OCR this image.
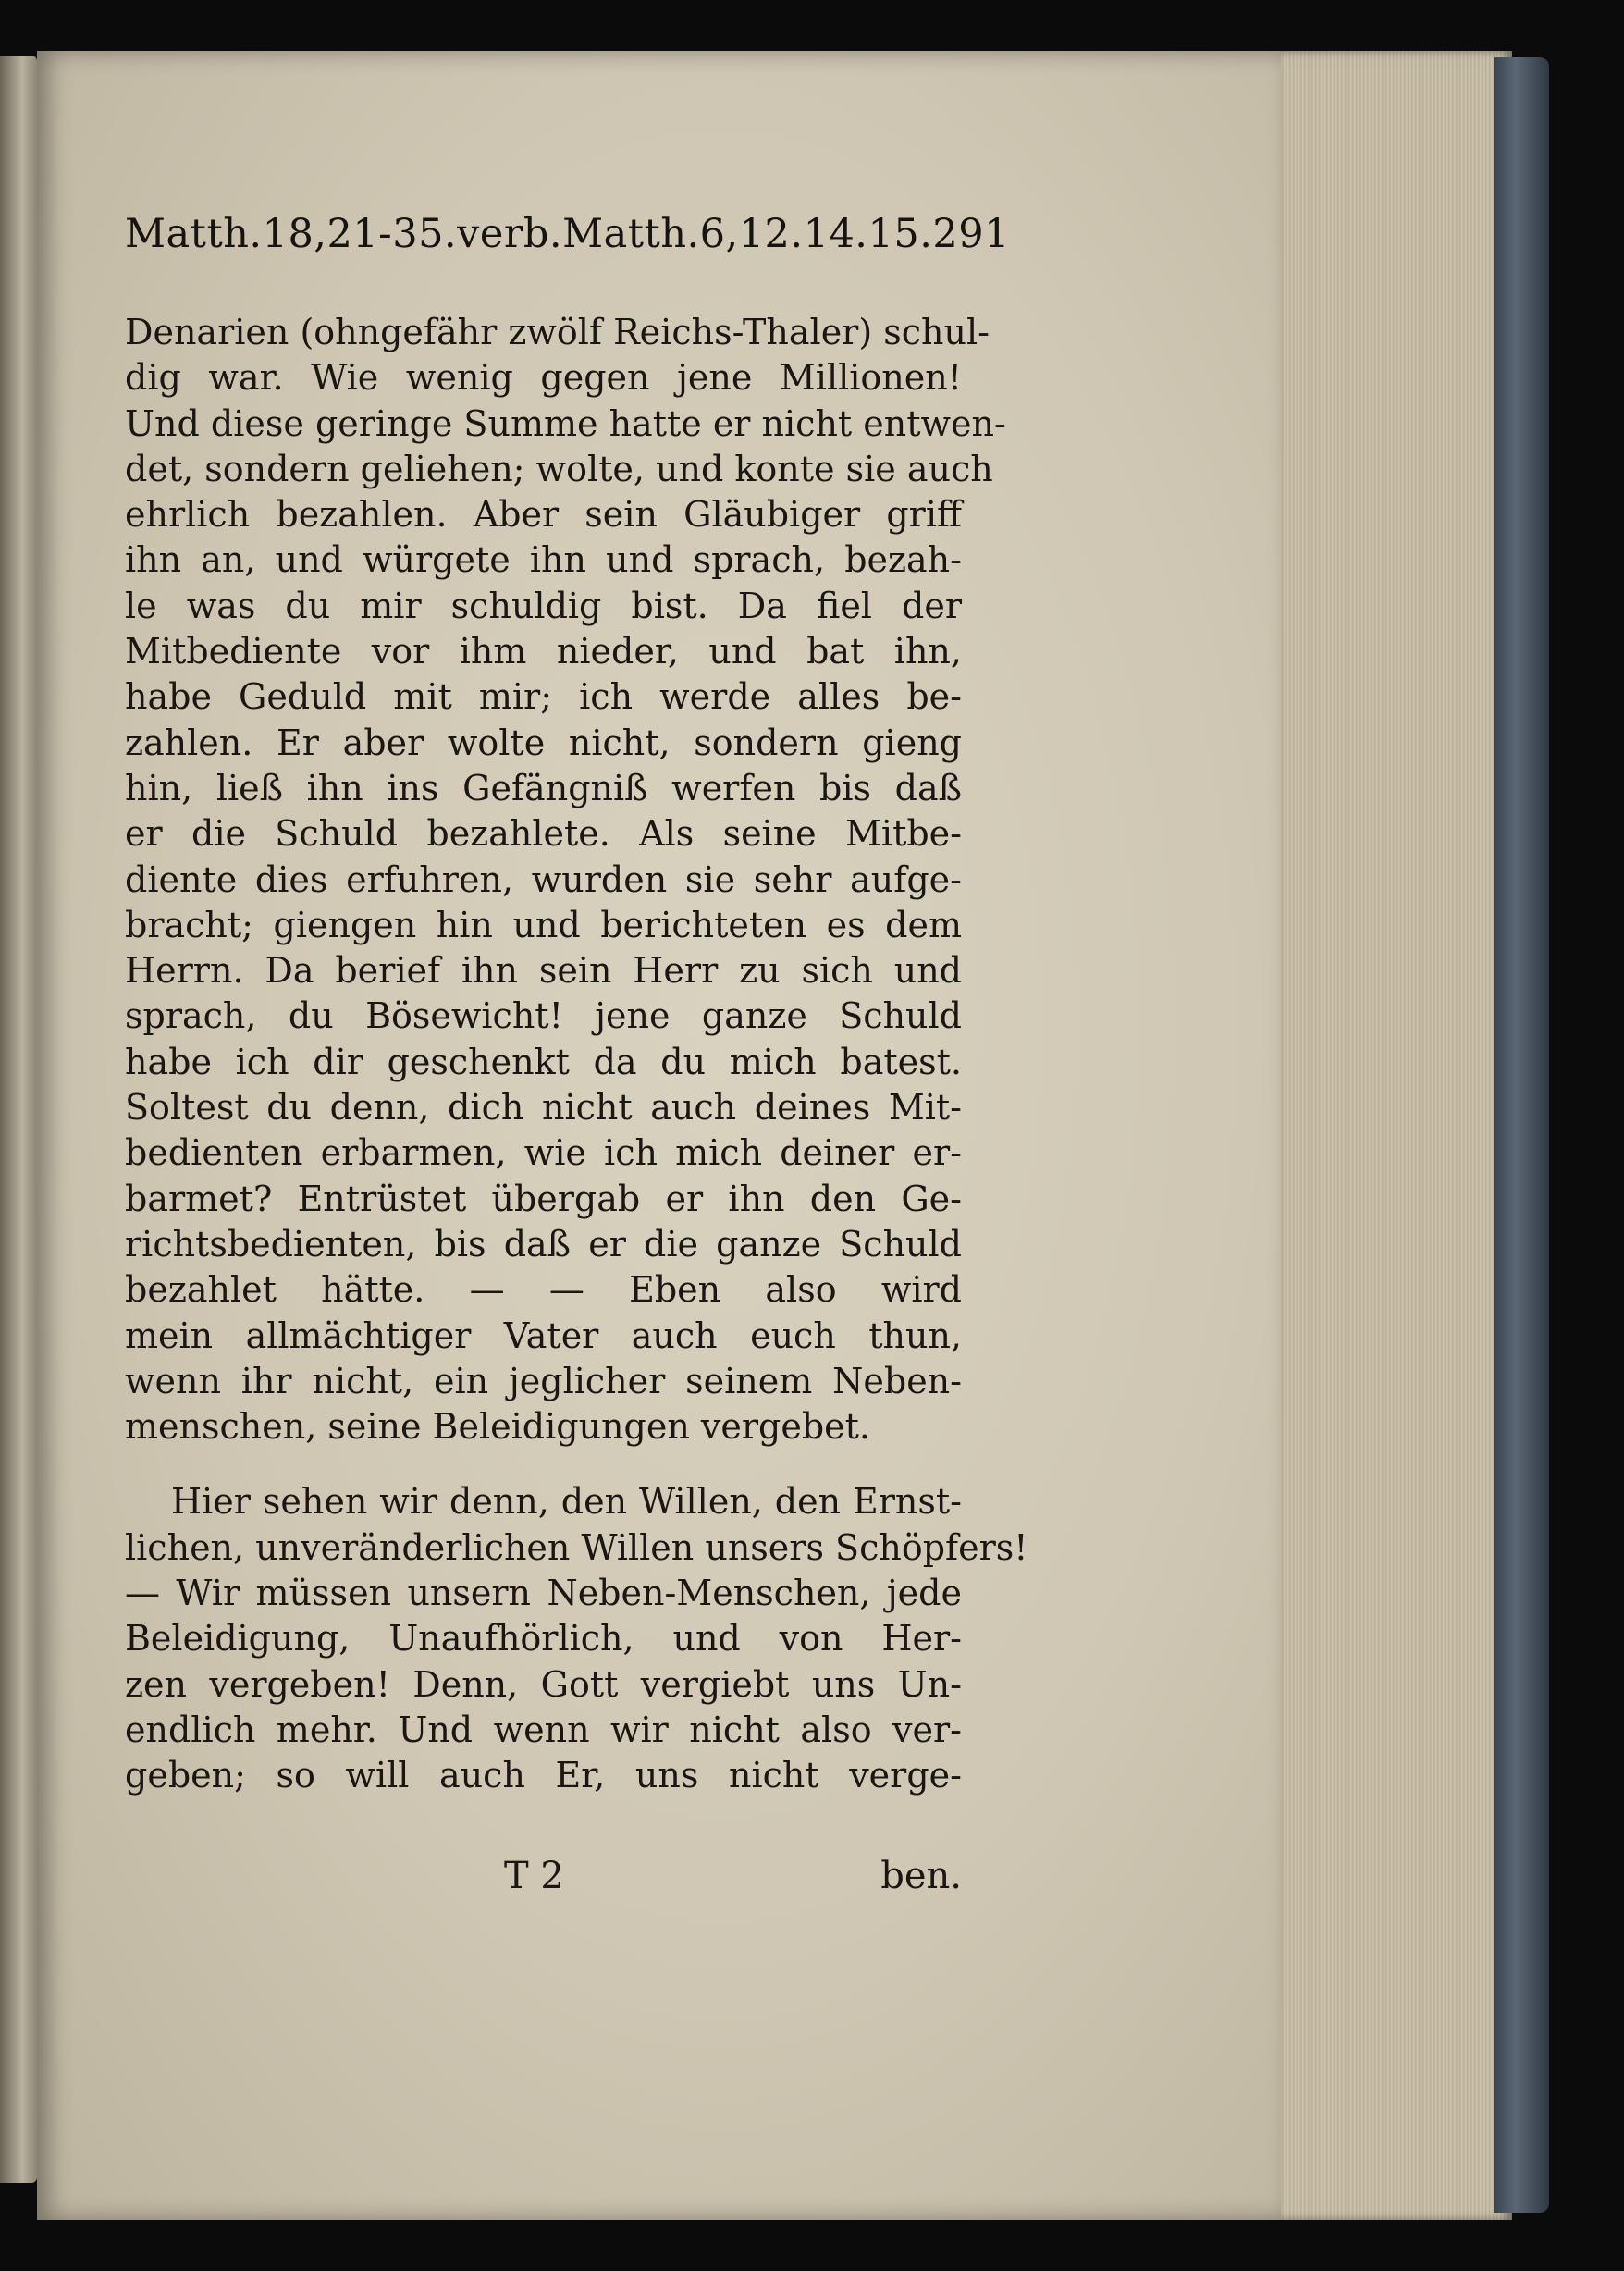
Matth.18,21-35.verb.Matth.6,12.14.15.291
Denarien (ohngefähr zwölf Reichs-Thaler) schul-
dig war. Wie wenig gegen jene Millionen!
Und diese geringe Summe hatte er nicht entwen-
det, sondern geliehen; wolte, und konte sie auch
ehrlich bezahlen. Aber sein Gläubiger griff
ihn an, und würgete ihn und sprach, bezah-
le was du mir schuldig bist. Da fiel der
Mitbediente vor ihm nieder, und bat ihn,
habe Geduld mit mir; ich werde alles be-
zahlen. Er aber wolte nicht, sondern gieng
hin, ließ ihn ins Gefängniß werfen bis daß
er die Schuld bezahlete. Als seine Mitbe-
diente dies erfuhren, wurden sie sehr aufge-
bracht; giengen hin und berichteten es dem
Herrn. Da berief ihn sein Herr zu sich und
sprach, du Bösewicht! jene ganze Schuld
habe ich dir geschenkt da du mich batest.
Soltest du denn, dich nicht auch deines Mit-
bedienten erbarmen, wie ich mich deiner er-
barmet? Entrüstet übergab er ihn den Ge-
richtsbedienten, bis daß er die ganze Schuld
bezahlet hätte. — — Eben also wird
mein allmächtiger Vater auch euch thun,
wenn ihr nicht, ein jeglicher seinem Neben-
menschen, seine Beleidigungen vergebet.
Hier sehen wir denn, den Willen, den Ernst-
lichen, unveränderlichen Willen unsers Schöpfers!
— Wir müssen unsern Neben-Menschen, jede
Beleidigung, Unaufhörlich, und von Her-
zen vergeben! Denn, Gott vergiebt uns Un-
endlich mehr. Und wenn wir nicht also ver-
geben; so will auch Er, uns nicht verge-
T 2	ben.
